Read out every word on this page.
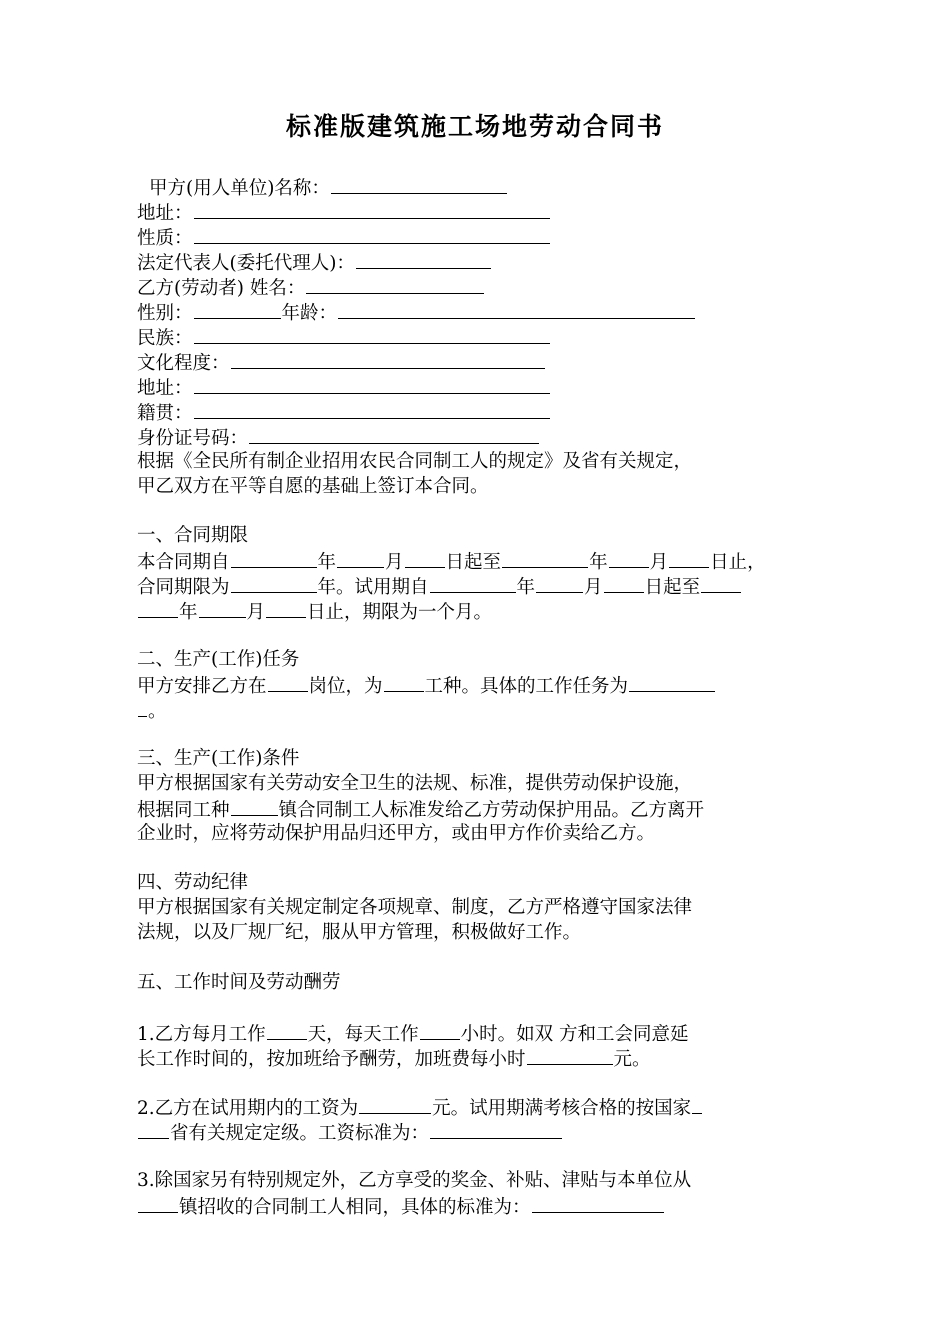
标准版建筑施工场地劳动合同书
甲方(用人单位)名称：
地址：
性质：
法定代表人(委托代理人)：
乙方(劳动者) 姓名：
性别：	年龄：
民族：
文化程度：
地址：
籍贯：
身份证号码：
根据《全民所有制企业招用农民合同制工人的规定》及省有关规定，
甲乙双方在平等自愿的基础上签订本合同。
一、合同期限
本合同期自	年	月 日起至	年 月 日止，
合同期限为	年。试用期自	年	月 日起至
年	月 日止，期限为一个月。
二、生产(工作)任务
甲方安排乙方在 岗位，为 工种。具体的工作任务为
。
三、生产(工作)条件
甲方根据国家有关劳动安全卫生的法规、标准，提供劳动保护设施，
根据同工种	镇合同制工人标准发给乙方劳动保护用品。乙方离开
企业时，应将劳动保护用品归还甲方，或由甲方作价卖给乙方。
四、劳动纪律
甲方根据国家有关规定制定各项规章、制度，乙方严格遵守国家法律
法规，以及厂规厂纪，服从甲方管理，积极做好工作。
五、工作时间及劳动酬劳
1.乙方每月工作 天，每天工作 小时。如双 方和工会同意延
长工作时间的，按加班给予酬劳，加班费每小时	元。
2.乙方在试用期内的工资为	元。试用期满考核合格的按国家
省有关规定定级。工资标准为：
3.除国家另有特别规定外，乙方享受的奖金、补贴、津贴与本单位从
镇招收的合同制工人相同，具体的标准为：
